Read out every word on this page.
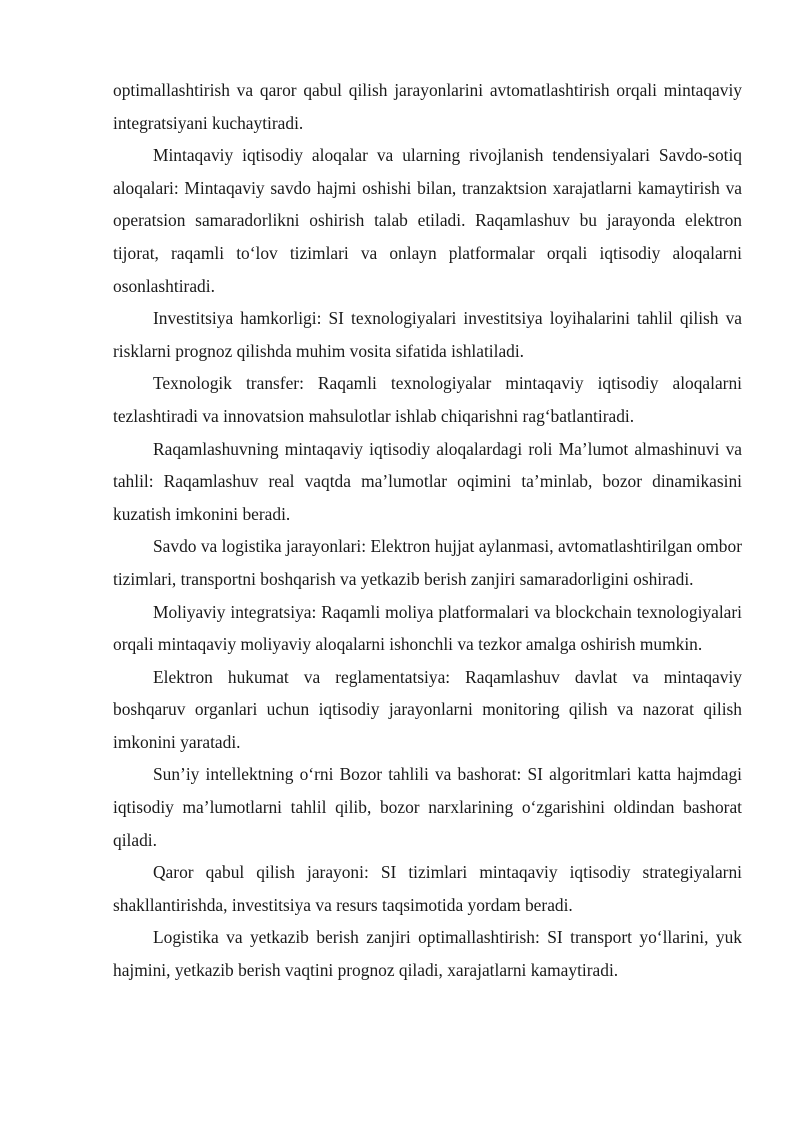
optimallashtirish va qaror qabul qilish jarayonlarini avtomatlashtirish orqali mintaqaviy integratsiyani kuchaytiradi.

Mintaqaviy iqtisodiy aloqalar va ularning rivojlanish tendensiyalari Savdo-sotiq aloqalari: Mintaqaviy savdo hajmi oshishi bilan, tranzaktsion xarajatlarni kamaytirish va operatsion samaradorlikni oshirish talab etiladi. Raqamlashuv bu jarayonda elektron tijorat, raqamli to‘lov tizimlari va onlayn platformalar orqali iqtisodiy aloqalarni osonlashtiradi.

Investitsiya hamkorligi: SI texnologiyalari investitsiya loyihalarini tahlil qilish va risklarni prognoz qilishda muhim vosita sifatida ishlatiladi.

Texnologik transfer: Raqamli texnologiyalar mintaqaviy iqtisodiy aloqalarni tezlashtiradi va innovatsion mahsulotlar ishlab chiqarishni rag‘batlantiradi.

Raqamlashuvning mintaqaviy iqtisodiy aloqalardagi roli Ma’lumot almashinuvi va tahlil: Raqamlashuv real vaqtda ma’lumotlar oqimini ta’minlab, bozor dinamikasini kuzatish imkonini beradi.

Savdo va logistika jarayonlari: Elektron hujjat aylanmasi, avtomatlashtirilgan ombor tizimlari, transportni boshqarish va yetkazib berish zanjiri samaradorligini oshiradi.

Moliyaviy integratsiya: Raqamli moliya platformalari va blockchain texnologiyalari orqali mintaqaviy moliyaviy aloqalarni ishonchli va tezkor amalga oshirish mumkin.

Elektron hukumat va reglamentatsiya: Raqamlashuv davlat va mintaqaviy boshqaruv organlari uchun iqtisodiy jarayonlarni monitoring qilish va nazorat qilish imkonini yaratadi.

Sun’iy intellektning o‘rni Bozor tahlili va bashorat: SI algoritmlari katta hajmdagi iqtisodiy ma’lumotlarni tahlil qilib, bozor narxlarining o‘zgarishini oldindan bashorat qiladi.

Qaror qabul qilish jarayoni: SI tizimlari mintaqaviy iqtisodiy strategiyalarni shakllantirishda, investitsiya va resurs taqsimotida yordam beradi.

Logistika va yetkazib berish zanjiri optimallashtirish: SI transport yo‘llarini, yuk hajmini, yetkazib berish vaqtini prognoz qiladi, xarajatlarni kamaytiradi.
